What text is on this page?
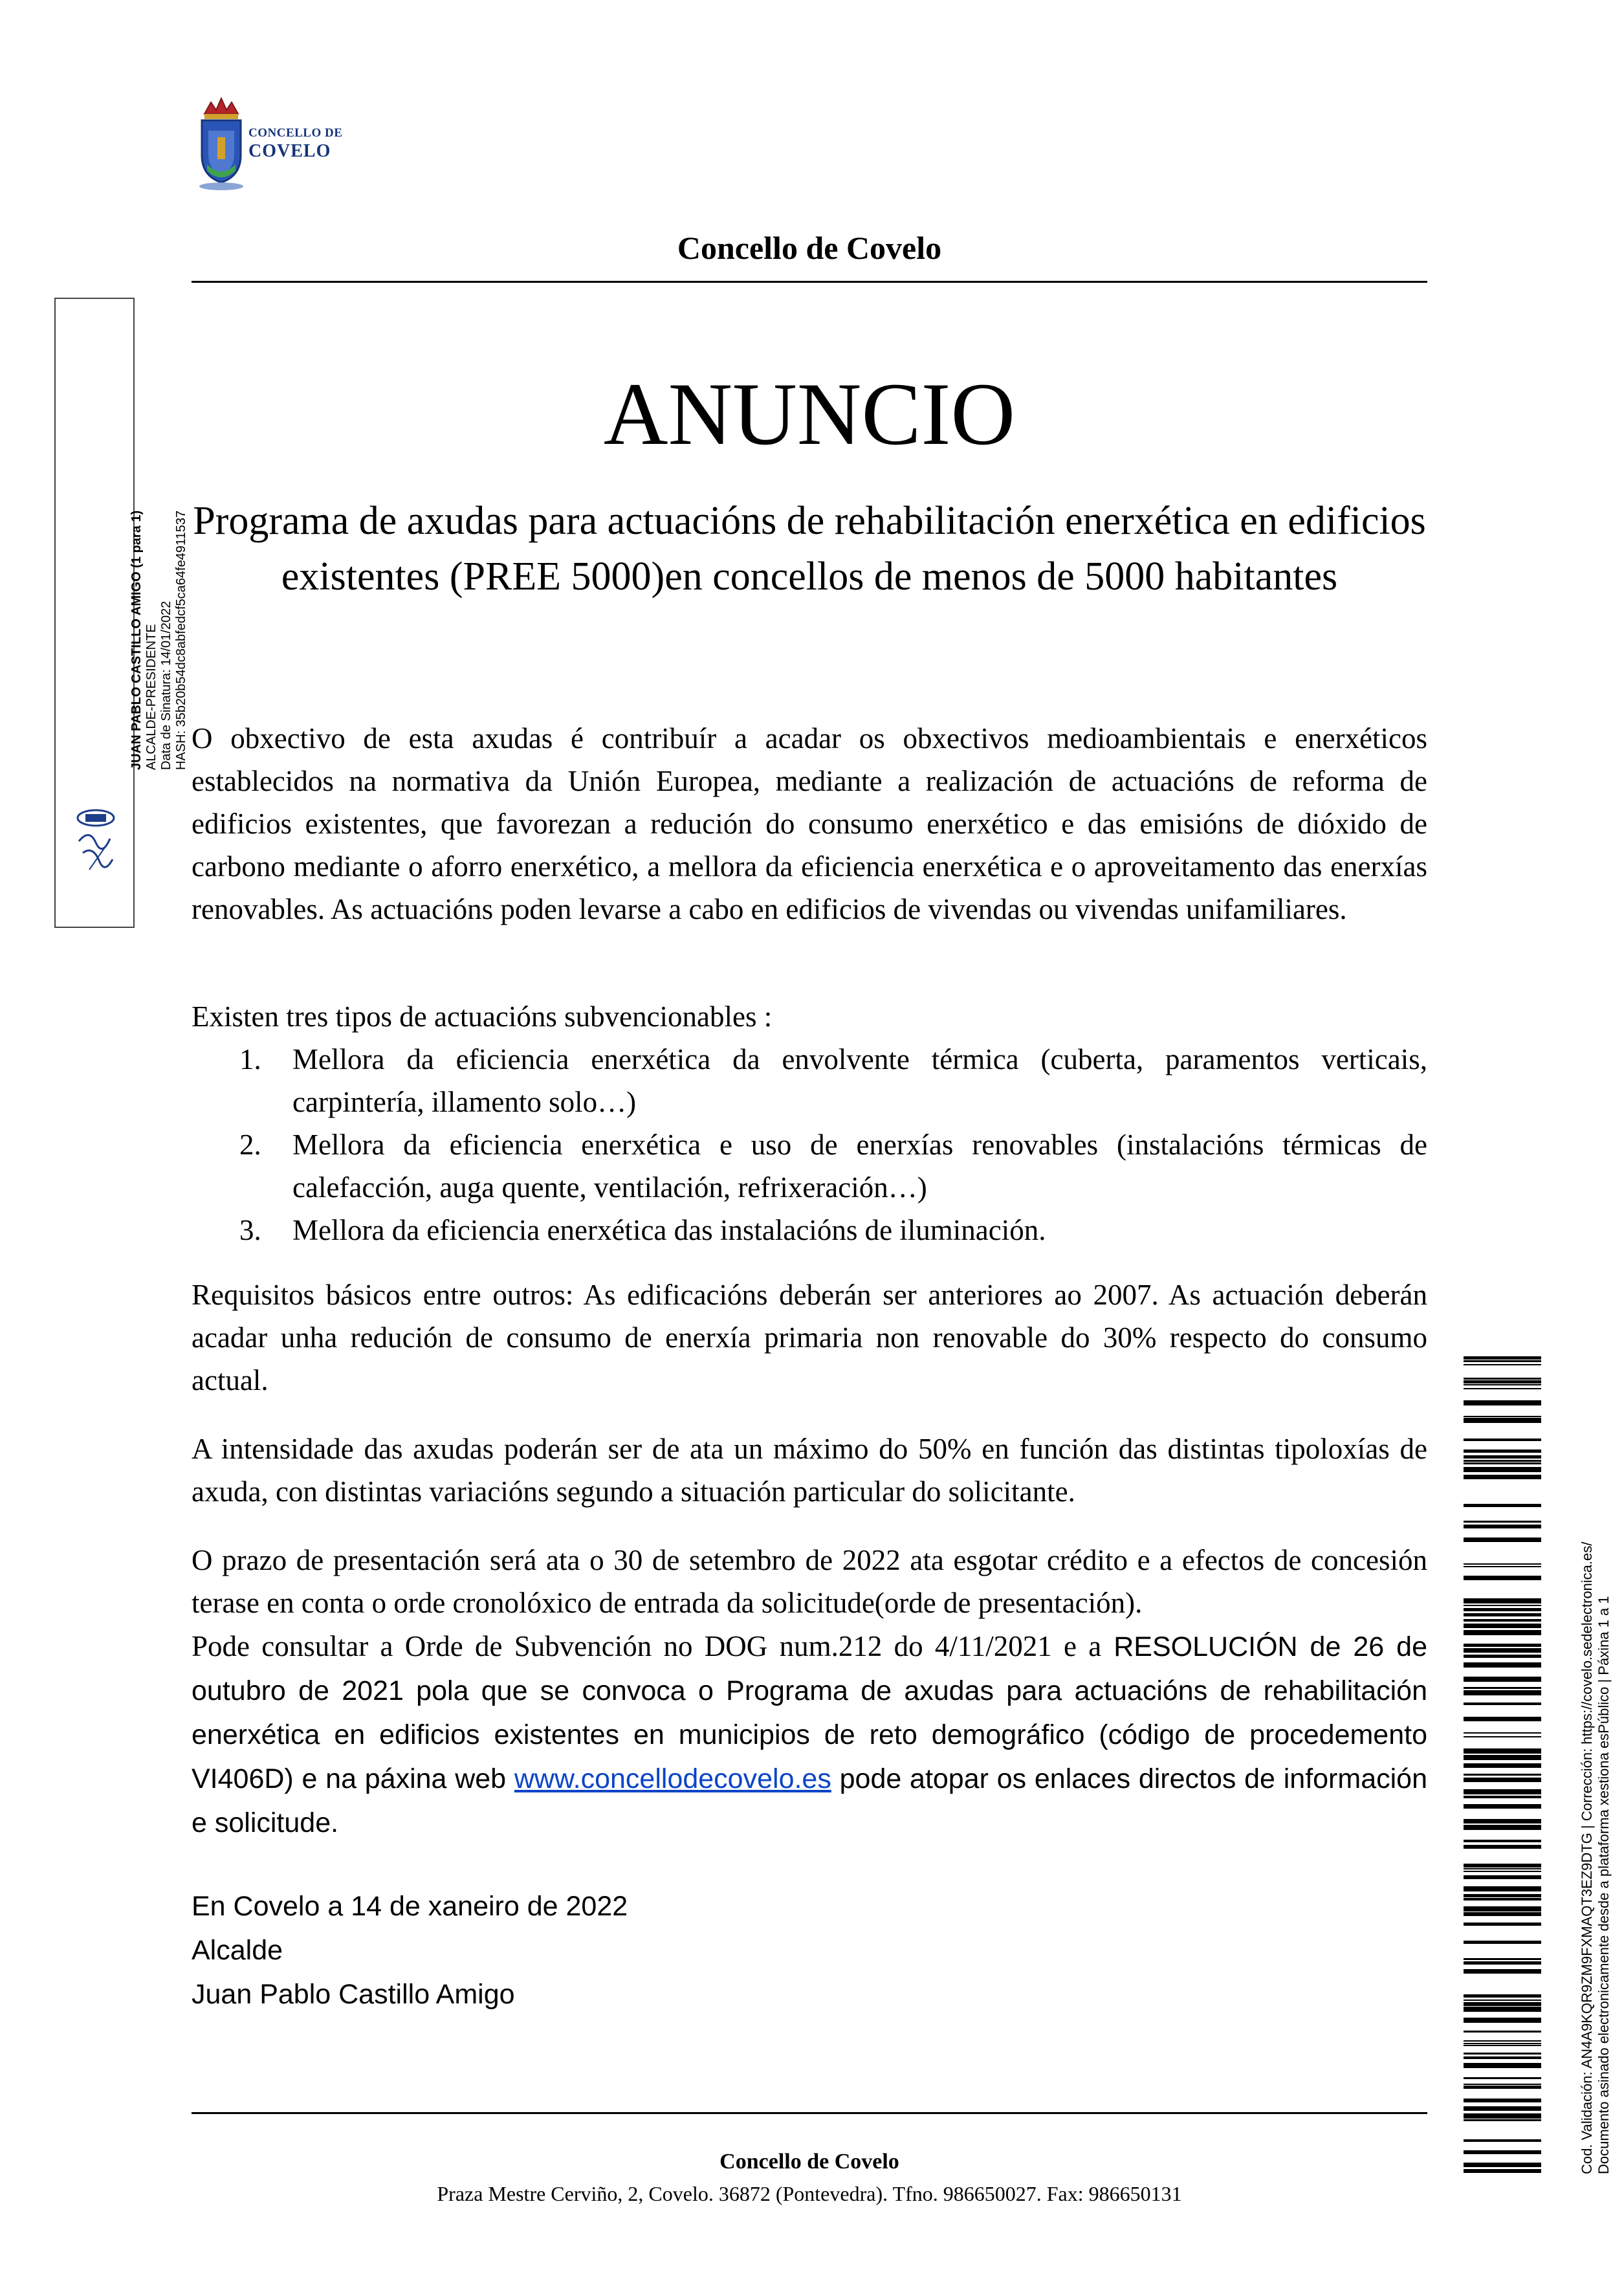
CONCELLO DE
COVELO
Concello de Covelo
ANUNCIO
Programa de axudas para actuacións de rehabilitación enerxética en edificios existentes (PREE 5000)en concellos de menos de 5000 habitantes
O obxectivo de esta axudas é contribuír a acadar os obxectivos medioambientais e enerxéticos establecidos na normativa da Unión Europea, mediante a realización de actuacións de reforma de edificios existentes, que favorezan a redución do consumo enerxético e das emisións de dióxido de carbono mediante o aforro enerxético, a mellora da eficiencia enerxética e o aproveitamento das enerxías renovables. As actuacións poden levarse a cabo en edificios de vivendas ou vivendas unifamiliares.
Existen tres tipos de actuacións subvencionables :
1. Mellora da eficiencia enerxética da envolvente térmica (cuberta, paramentos verticais, carpintería, illamento solo…)
2. Mellora da eficiencia enerxética e uso de enerxías renovables (instalacións térmicas de calefacción, auga quente, ventilación, refrixeración…)
3. Mellora da eficiencia enerxética das instalacións de iluminación.
Requisitos básicos entre outros: As edificacións deberán ser anteriores ao 2007. As actuación deberán acadar unha redución de consumo de enerxía primaria non renovable do 30% respecto do consumo actual.
A intensidade das axudas poderán ser de ata un máximo do 50% en función das distintas tipoloxías de axuda, con distintas variacións segundo a situación particular do solicitante.
O prazo de presentación será ata o 30 de setembro de 2022 ata esgotar crédito e a efectos de concesión terase en conta o orde cronolóxico de entrada da solicitude(orde de presentación).
Pode consultar a Orde de Subvención no DOG num.212 do 4/11/2021 e a RESOLUCIÓN de 26 de outubro de 2021 pola que se convoca o Programa de axudas para actuacións de rehabilitación enerxética en edificios existentes en municipios de reto demográfico (código de procedemento VI406D) e na páxina web www.concellodecovelo.es pode atopar os enlaces directos de información e solicitude.
En Covelo a 14 de xaneiro de 2022
Alcalde
Juan Pablo Castillo Amigo
Concello de Covelo
Praza Mestre Cerviño, 2, Covelo. 36872 (Pontevedra). Tfno. 986650027. Fax: 986650131
JUAN PABLO CASTILLO AMIGO (1 para 1) ALCALDE-PRESIDENTE Data de Sinatura: 14/01/2022 HASH: 35b20b54dc8abfedcf5ca64fe4911537
Cod. Validación: AN4A9KQR9ZM9FXMAQT3EZ9DTG | Corrección: https://covelo.sedelectronica.es/ Documento asinado electronicamente desde a plataforma xestiona esPúblico | Páxina 1 a 1
